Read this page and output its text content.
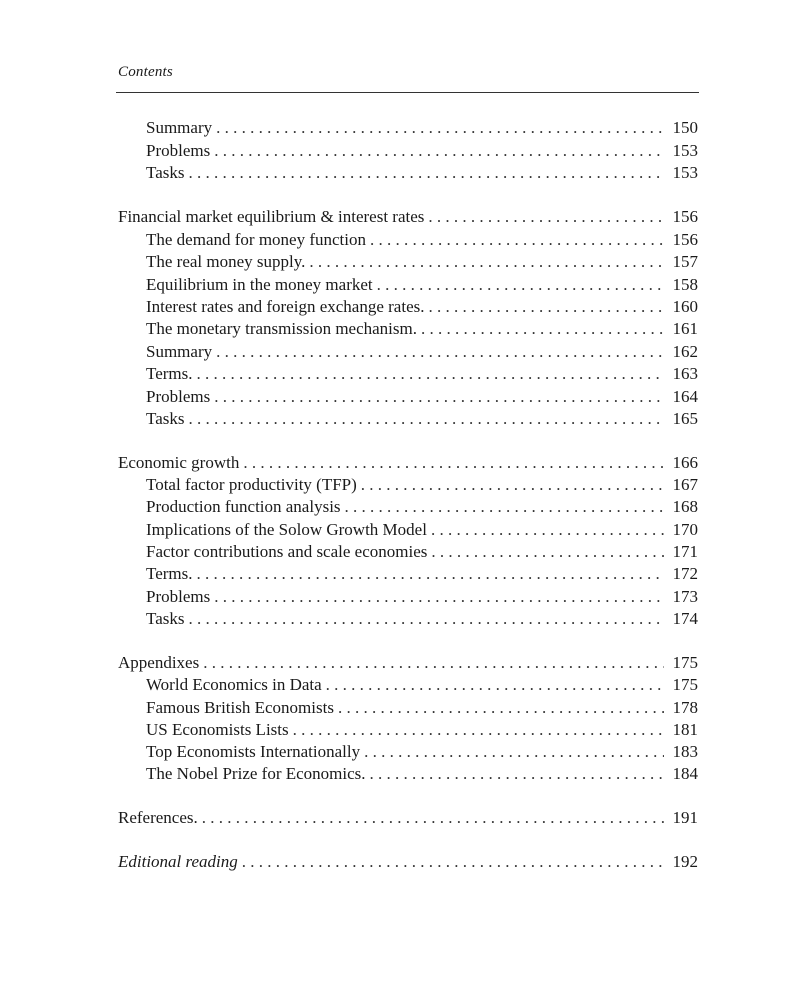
Contents
Summary . . .	150
Problems . . .	153
Tasks . . .	153
Financial market equilibrium & interest rates . . .	156
The demand for money function . . .	156
The real money supply. . . .	157
Equilibrium in the money market . . .	158
Interest rates and foreign exchange rates. . . .	160
The monetary transmission mechanism. . . .	161
Summary . . .	162
Terms. . . .	163
Problems . . .	164
Tasks . . .	165
Economic growth . . .	166
Total factor productivity (TFP) . . .	167
Production function analysis . . .	168
Implications of the Solow Growth Model . . .	170
Factor contributions and scale economies . . .	171
Terms. . . .	172
Problems . . .	173
Tasks . . .	174
Appendixes . . .	175
World Economics in Data . . .	175
Famous British Economists . . .	178
US Economists Lists . . .	181
Top Economists Internationally . . .	183
The Nobel Prize for Economics. . . .	184
References. . . .	191
Editional reading . . .	192
